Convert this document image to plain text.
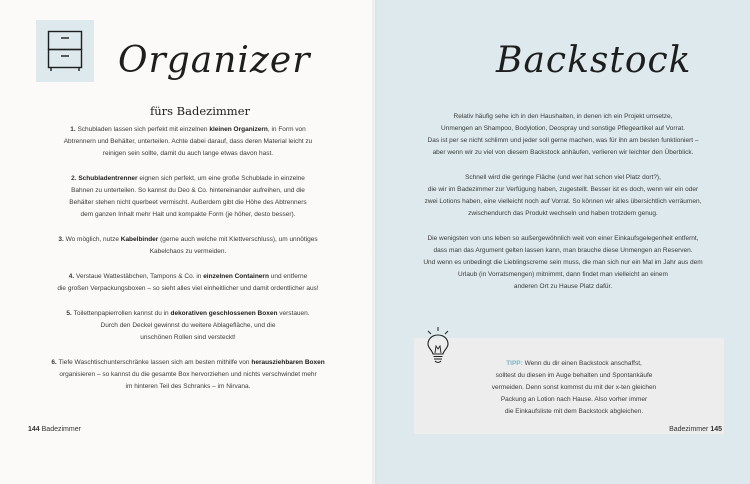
Organizer
fürs Badezimmer

1. Schubladen lassen sich perfekt mit einzelnen kleinen Organizern, in Form von
Abtrennern und Behälter, unterteilen. Achte dabei darauf, dass deren Material leicht zu
reinigen sein sollte, damit du auch lange etwas davon hast.

2. Schubladentrenner eignen sich perfekt, um eine große Schublade in einzelne
Bahnen zu unterteilen. So kannst du Deo & Co. hintereinander aufreihen, und die
Behälter stehen nicht querbeet vermischt. Außerdem gibt die Höhe des Abtrenners
dem ganzen Inhalt mehr Halt und kompakte Form (je höher, desto besser).

3. Wo möglich, nutze Kabelbinder (gerne auch welche mit Klettverschluss), um unnötiges
Kabelchaos zu vermeiden.

4. Verstaue Wattestäbchen, Tampons & Co. in einzelnen Containern und entferne
die großen Verpackungsboxen – so sieht alles viel einheitlicher und damit ordentlicher aus!

5. Toilettenpapierrollen kannst du in dekorativen geschlossenen Boxen verstauen.
Durch den Deckel gewinnst du weitere Ablagefläche, und die
unschönen Rollen sind versteckt!

6. Tiefe Waschtischunterschränke lassen sich am besten mithilfe von herausziehbaren Boxen
organisieren – so kannst du die gesamte Box hervorziehen und nichts verschwindet mehr
im hinteren Teil des Schranks – im Nirvana.

144 Badezimmer
Backstock

Relativ häufig sehe ich in den Haushalten, in denen ich ein Projekt umsetze,
Unmengen an Shampoo, Bodylotion, Deospray und sonstige Pflegeartikel auf Vorrat.
Das ist per se nicht schlimm und jeder soll gerne machen, was für ihn am besten funktioniert –
aber wenn wir zu viel von diesem Backstock anhäufen, verlieren wir leichter den Überblick.

Schnell wird die geringe Fläche (und wer hat schon viel Platz dort?),
die wir im Badezimmer zur Verfügung haben, zugestellt. Besser ist es doch, wenn wir ein oder
zwei Lotions haben, eine vielleicht noch auf Vorrat. So können wir alles übersichtlich verräumen,
zwischendurch das Produkt wechseln und haben trotzdem genug.

Die wenigsten von uns leben so außergewöhnlich weit von einer Einkaufsgelegenheit entfernt,
dass man das Argument gelten lassen kann, man brauche diese Unmengen an Reserven.
Und wenn es unbedingt die Lieblingscreme sein muss, die man sich nur ein Mal im Jahr aus dem
Urlaub (in Vorratsmengen) mitnimmt, dann findet man vielleicht an einem
anderen Ort zu Hause Platz dafür.

TIPP: Wenn du dir einen Backstock anschaffst,
solltest du diesen im Auge behalten und Spontankäufe
vermeiden. Denn sonst kommst du mit der x-ten gleichen
Packung an Lotion nach Hause. Also vorher immer
die Einkaufsliste mit dem Backstock abgleichen.
Badezimmer 145
